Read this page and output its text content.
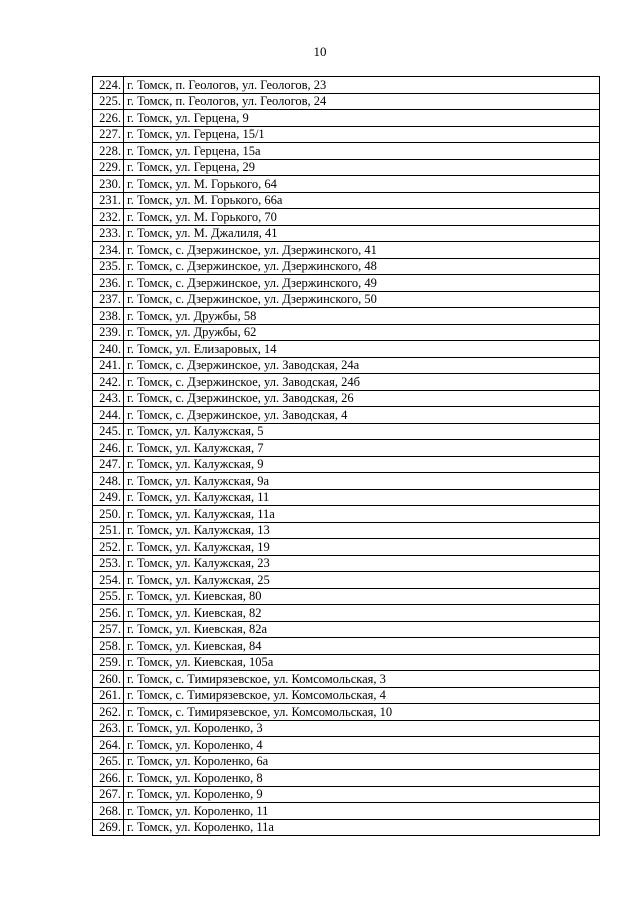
10
224.	г. Томск, п. Геологов, ул. Геологов, 23
225.	г. Томск, п. Геологов, ул. Геологов, 24
226.	г. Томск, ул. Герцена, 9
227.	г. Томск, ул. Герцена, 15/1
228.	г. Томск, ул. Герцена, 15а
229.	г. Томск, ул. Герцена, 29
230.	г. Томск, ул. М. Горького, 64
231.	г. Томск, ул. М. Горького, 66а
232.	г. Томск, ул. М. Горького, 70
233.	г. Томск, ул. М. Джалиля, 41
234.	г. Томск, с. Дзержинское, ул. Дзержинского, 41
235.	г. Томск, с. Дзержинское, ул. Дзержинского, 48
236.	г. Томск, с. Дзержинское, ул. Дзержинского, 49
237.	г. Томск, с. Дзержинское, ул. Дзержинского, 50
238.	г. Томск, ул. Дружбы, 58
239.	г. Томск, ул. Дружбы, 62
240.	г. Томск, ул. Елизаровых, 14
241.	г. Томск, с. Дзержинское, ул. Заводская, 24а
242.	г. Томск, с. Дзержинское, ул. Заводская, 24б
243.	г. Томск, с. Дзержинское, ул. Заводская, 26
244.	г. Томск, с. Дзержинское, ул. Заводская, 4
245.	г. Томск, ул. Калужская, 5
246.	г. Томск, ул. Калужская, 7
247.	г. Томск, ул. Калужская, 9
248.	г. Томск, ул. Калужская, 9а
249.	г. Томск, ул. Калужская, 11
250.	г. Томск, ул. Калужская, 11а
251.	г. Томск, ул. Калужская, 13
252.	г. Томск, ул. Калужская, 19
253.	г. Томск, ул. Калужская, 23
254.	г. Томск, ул. Калужская, 25
255.	г. Томск, ул. Киевская, 80
256.	г. Томск, ул. Киевская, 82
257.	г. Томск, ул. Киевская, 82а
258.	г. Томск, ул. Киевская, 84
259.	г. Томск, ул. Киевская, 105а
260.	г. Томск, с. Тимирязевское, ул. Комсомольская, 3
261.	г. Томск, с. Тимирязевское, ул. Комсомольская, 4
262.	г. Томск, с. Тимирязевское, ул. Комсомольская, 10
263.	г. Томск, ул. Короленко, 3
264.	г. Томск, ул. Короленко, 4
265.	г. Томск, ул. Короленко, 6а
266.	г. Томск, ул. Короленко, 8
267.	г. Томск, ул. Короленко, 9
268.	г. Томск, ул. Короленко, 11
269.	г. Томск, ул. Короленко, 11а
